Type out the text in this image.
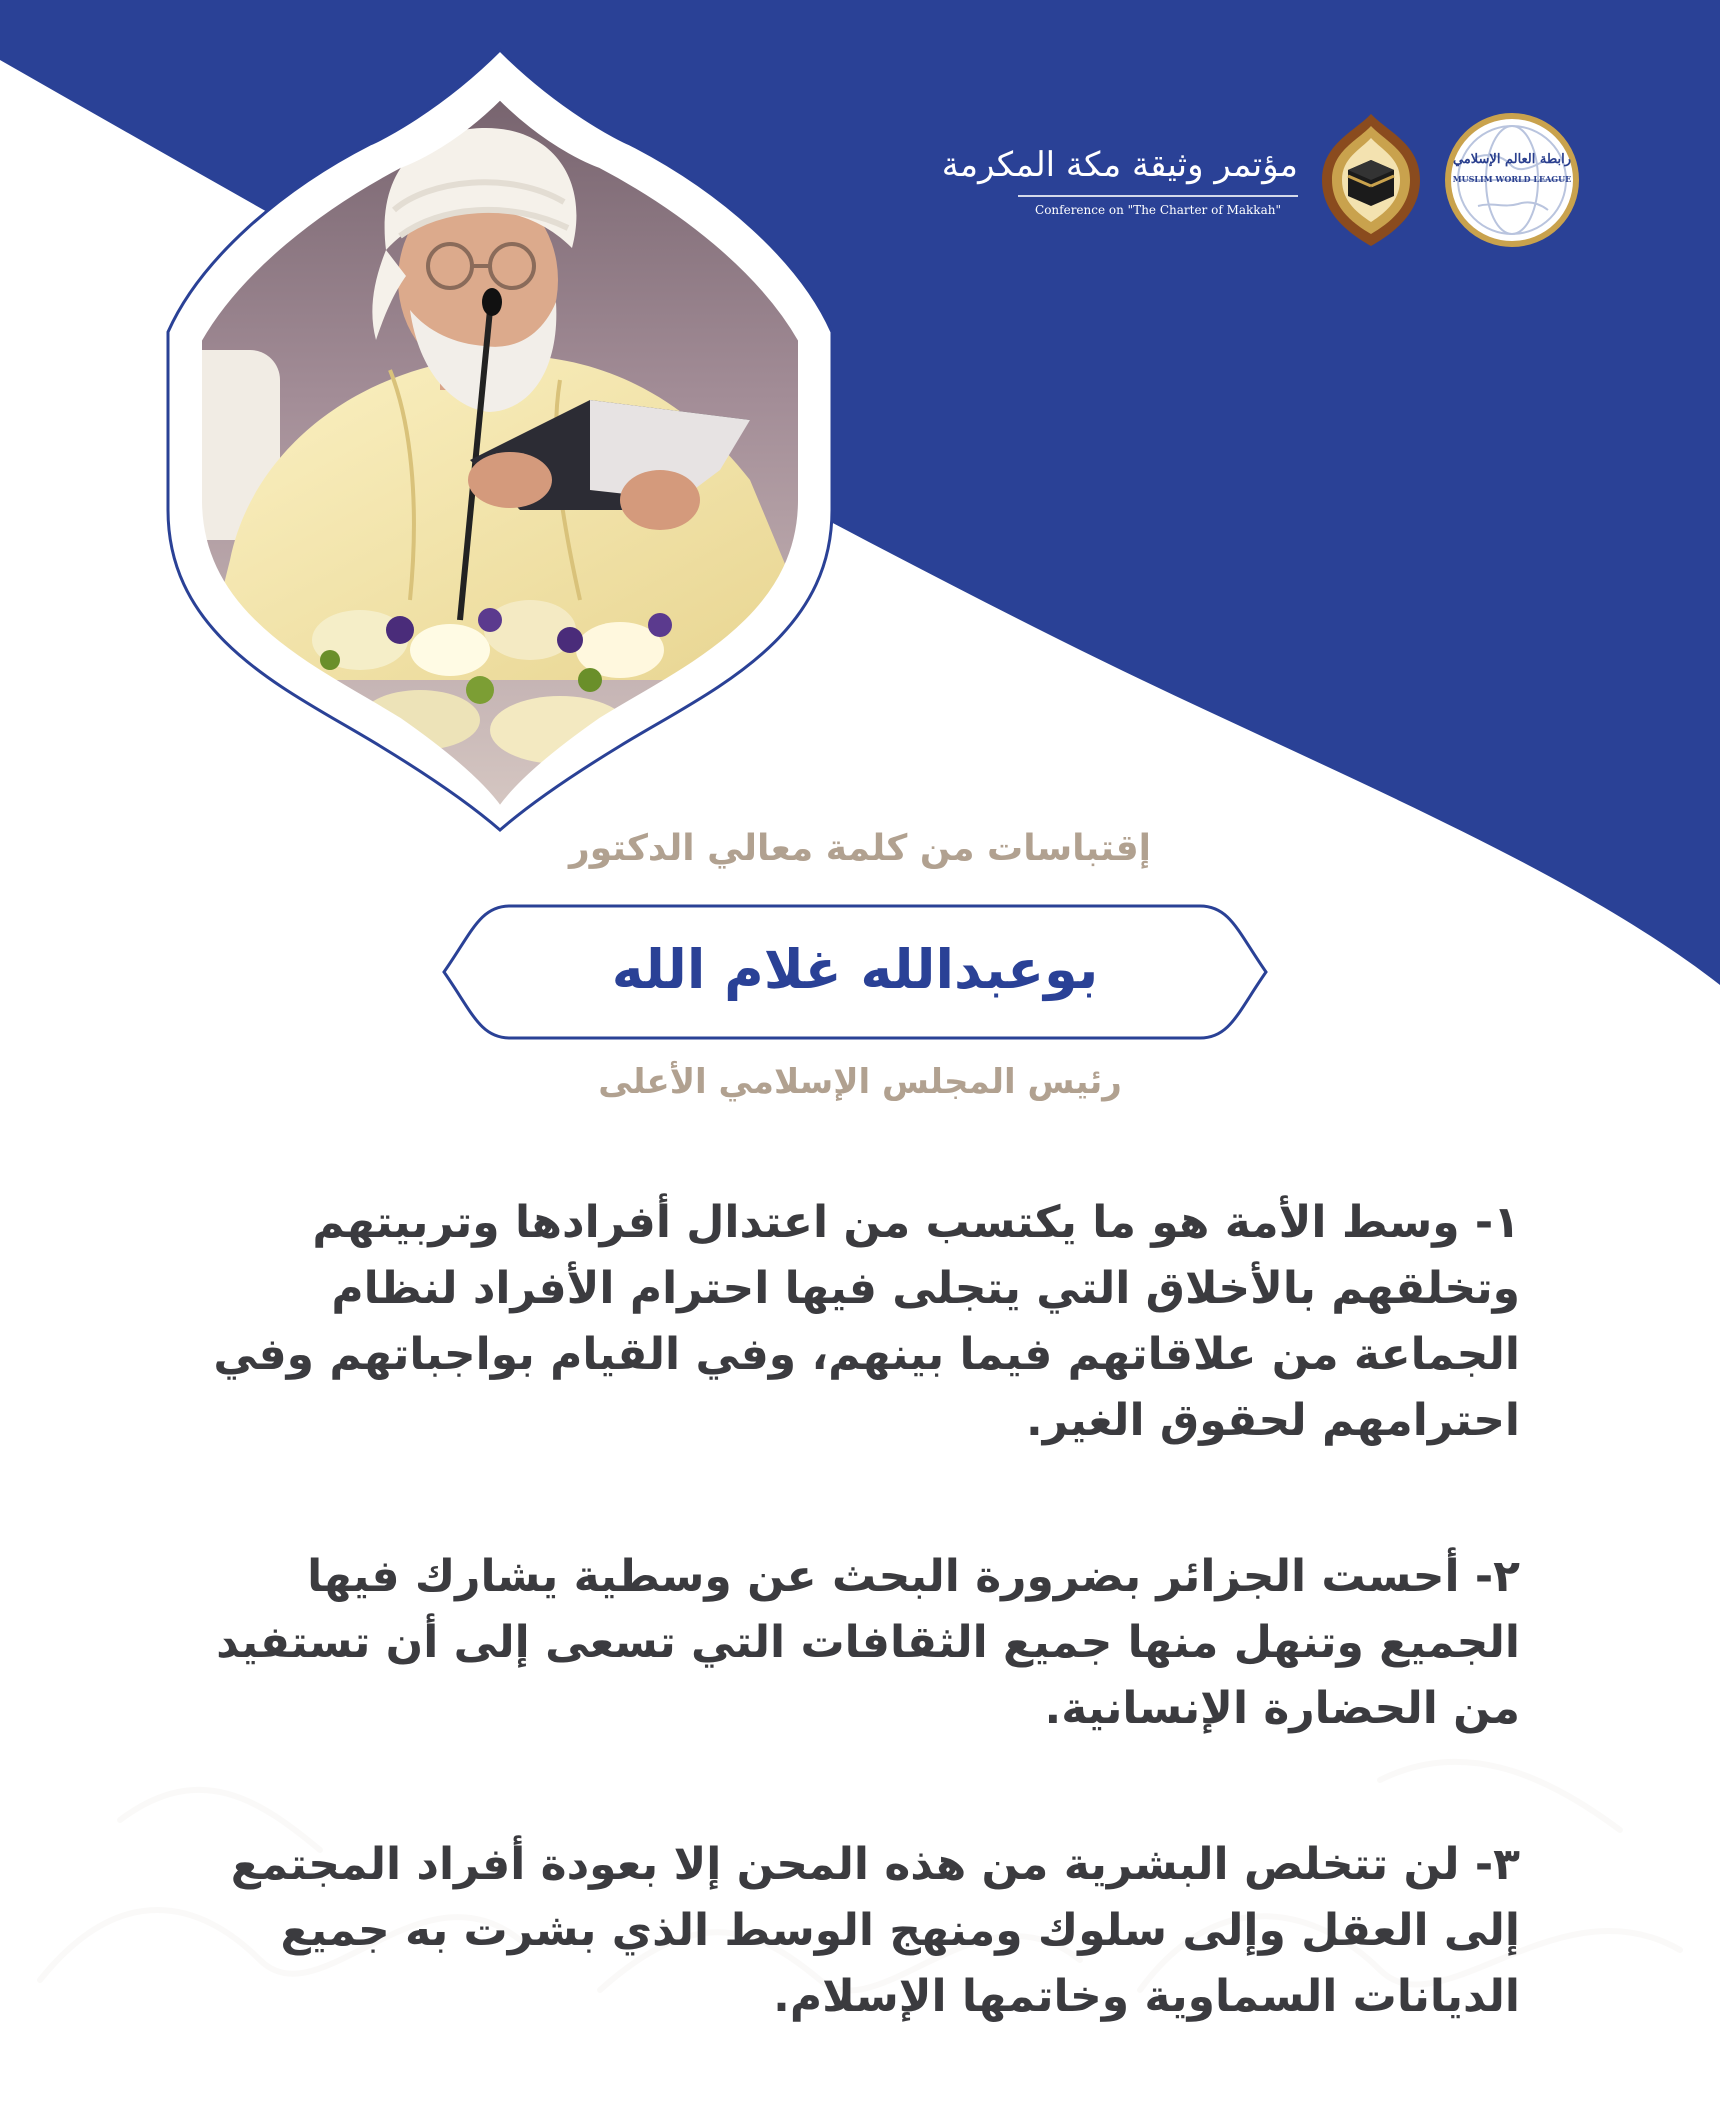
مؤتمر وثيقة مكة المكرمة
Conference on "The Charter of Makkah"
رابطة العالم الإسلامي
MUSLIM WORLD LEAGUE
إقتباسات من كلمة معالي الدكتور
بوعبدالله غلام الله
رئيس المجلس الإسلامي الأعلى

١- وسط الأمة هو ما يكتسب من اعتدال أفرادها وتربيتهم وتخلقهم بالأخلاق التي يتجلى فيها احترام الأفراد لنظام الجماعة من علاقاتهم فيما بينهم، وفي القيام بواجباتهم وفي احترامهم لحقوق الغير.

٢- أحست الجزائر بضرورة البحث عن وسطية يشارك فيها الجميع وتنهل منها جميع الثقافات التي تسعى إلى أن تستفيد من الحضارة الإنسانية.

٣- لن تتخلص البشرية من هذه المحن إلا بعودة أفراد المجتمع إلى العقل وإلى سلوك ومنهج الوسط الذي بشرت به جميع الديانات السماوية وخاتمها الإسلام.
